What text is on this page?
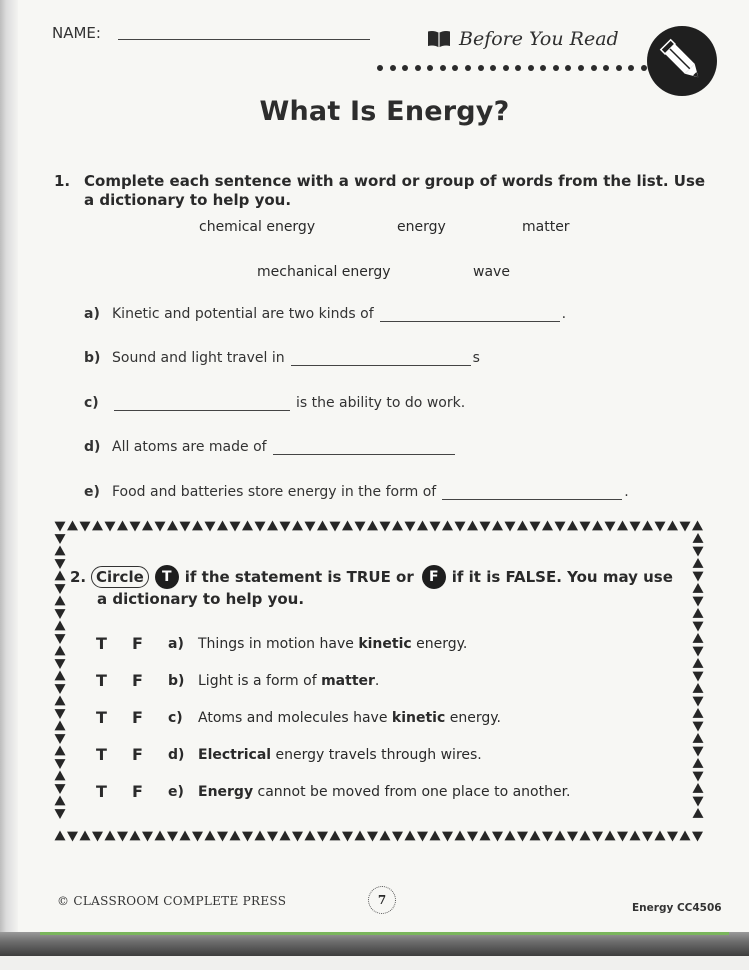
NAME:	Before You Read
What Is Energy?
1. Complete each sentence with a word or group of words from the list. Use a dictionary to help you.
chemical energy	energy	matter
mechanical energy	wave
a) Kinetic and potential are two kinds of	.
b) Sound and light travel in	s
c)	is the ability to do work.
d) All atoms are made of
e) Food and batteries store energy in the form of	.
2. Circle	T if the statement is TRUE or	F if it is FALSE. You may use
a dictionary to help you.
T	F	a)	Things in motion have kinetic energy.
T	F	b) Light is a form of matter .
T	F	c)	Atoms and molecules have kinetic energy.
T	F	d) Electrical energy travels through wires.
T	F	e)	Energy cannot be moved from one place to another.
© CLASSROOM COMPLETE PRESS	7
Energy CC4506
